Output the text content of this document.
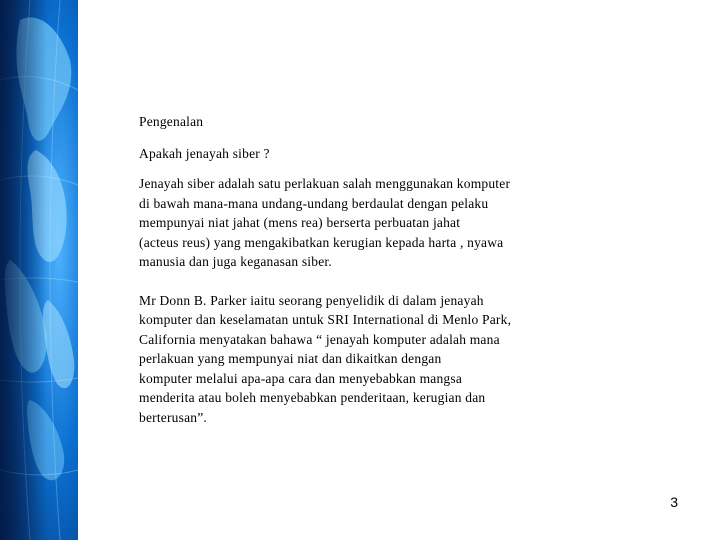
Pengenalan

Apakah jenayah siber ?

Jenayah siber adalah satu perlakuan salah menggunakan komputer
di bawah mana-mana undang-undang berdaulat dengan pelaku
mempunyai niat jahat (mens rea) berserta perbuatan jahat
(acteus reus) yang mengakibatkan kerugian kepada harta , nyawa
manusia dan juga keganasan siber.
Mr Donn B. Parker iaitu seorang penyelidik di dalam jenayah
komputer dan keselamatan untuk SRI International di Menlo Park,
California menyatakan bahawa “ jenayah komputer adalah mana
perlakuan yang mempunyai niat dan dikaitkan dengan
komputer melalui apa-apa cara dan menyebabkan mangsa
menderita atau boleh menyebabkan penderitaan, kerugian dan
berterusan”.
3
